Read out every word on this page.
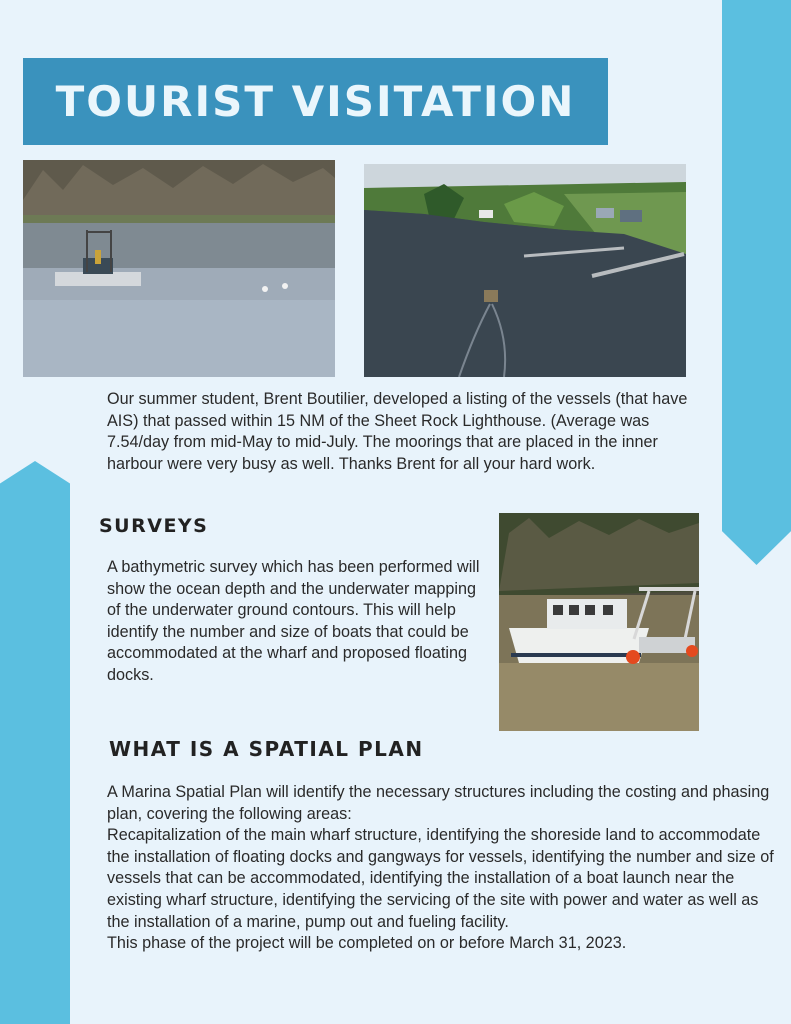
TOURIST VISITATION
Our summer student, Brent Boutilier, developed a listing of the vessels (that have AIS) that passed within 15 NM of the Sheet Rock Lighthouse. (Average was 7.54/day from mid-May to mid-July. The moorings that are placed in the inner harbour were very busy as well. Thanks Brent for all your hard work.
SURVEYS
A bathymetric survey which has been performed will show the ocean depth and the underwater mapping of the underwater ground contours. This will help identify the number and size of boats that could be accommodated at the wharf and proposed floating docks.
WHAT IS A SPATIAL PLAN

A Marina Spatial Plan will identify the necessary structures including the costing and phasing plan, covering the following areas:

Recapitalization of the main wharf structure, identifying the shoreside land to accommodate the installation of floating docks and gangways for vessels, identifying the number and size of vessels that can be accommodated, identifying the installation of a boat launch near the existing wharf structure, identifying the servicing of the site with power and water as well as the installation of a marine, pump out and fueling facility.

This phase of the project will be completed on or before March 31, 2023.
